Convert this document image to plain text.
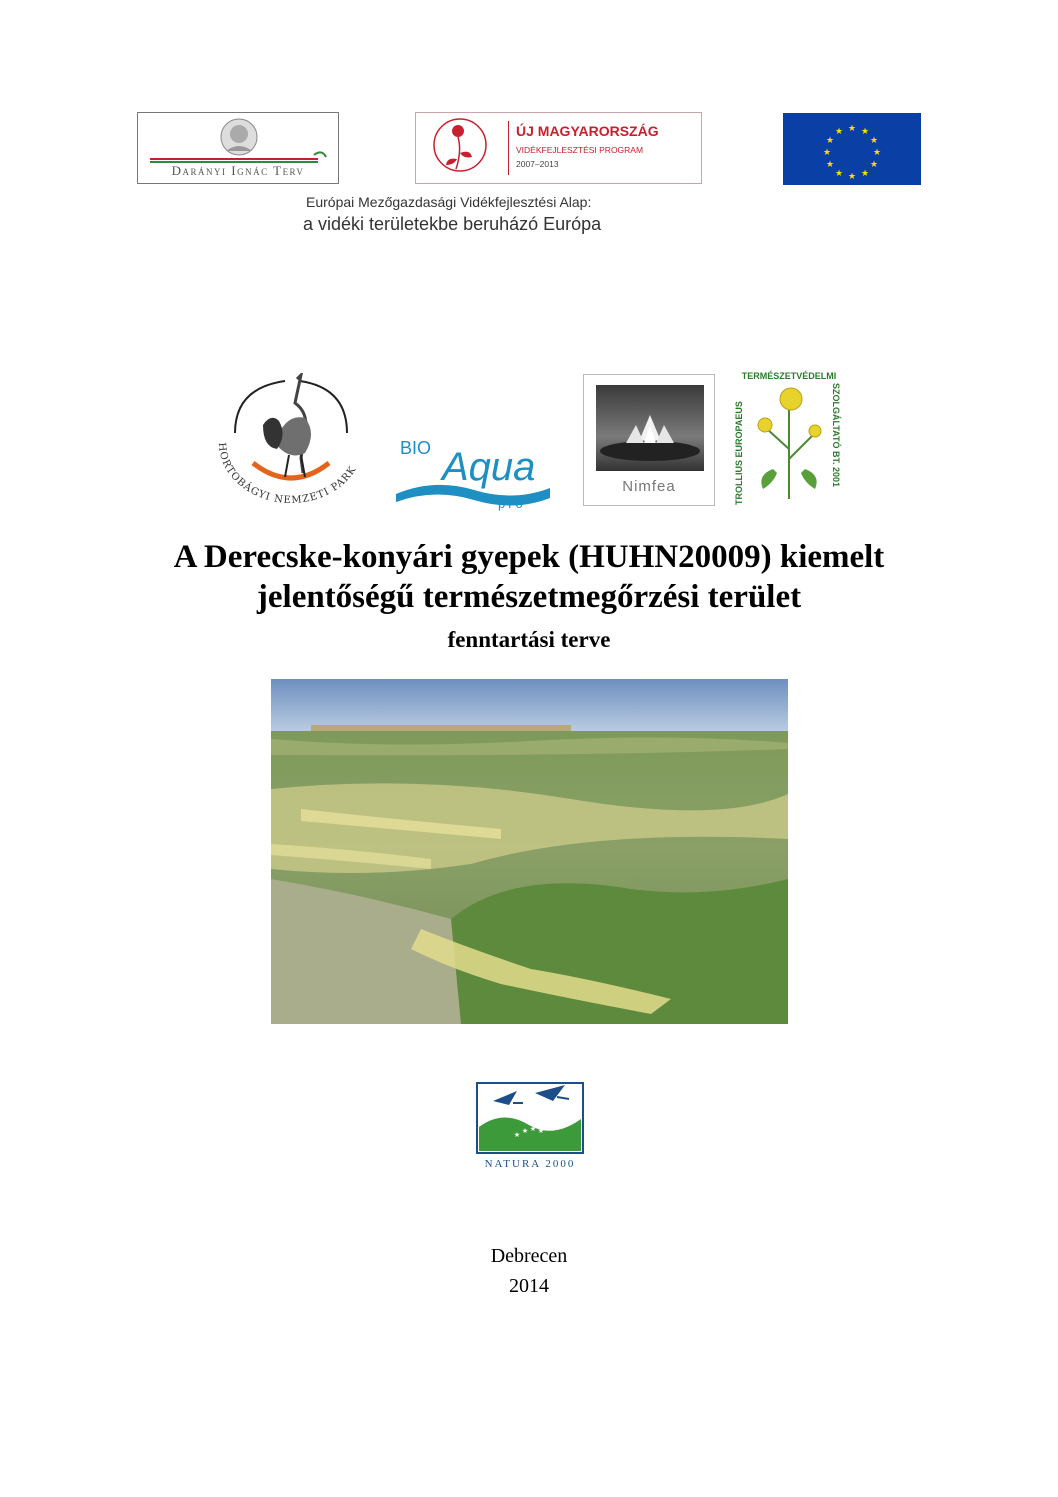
Darányi Ignác Terv
ÚJ MAGYARORSZÁG
VIDÉKFEJLESZTÉSI PROGRAM
2007–2013
★ ★
★
★
★
★
★
★
★
★
★
★
Európai Mezőgazdasági Vidékfejlesztési Alap:
a vidéki területekbe beruházó Európa
HORTOBÁGYI NEMZETI PARK
BIO Aqua
pro
Nimfea
TERMÉSZETVÉDELMI
TROLLIUS EUROPAEUS	SZOLGÁLTATÓ BT. 2001
A Derecske-konyári gyepek (HUHN20009) kiemelt
jelentőségű természetmegőrzési terület
fenntartási terve
★ ★ ★ ★
NATURA 2000
Debrecen
2014
